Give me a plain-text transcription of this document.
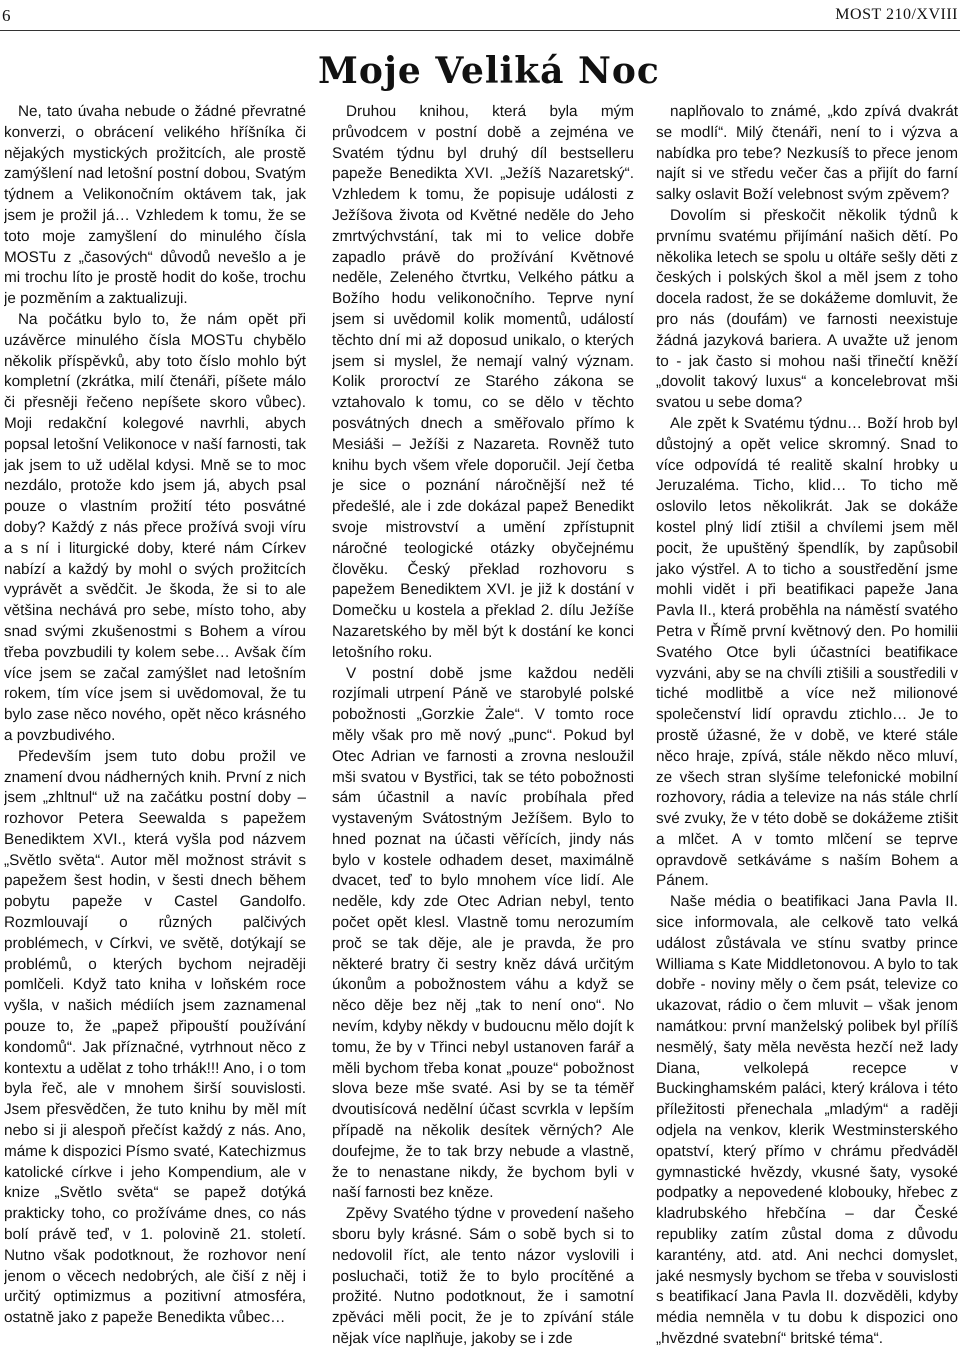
6	MOST 210/XVIII
Moje Veliká Noc

Ne, tato úvaha nebude o žádné převratné konverzi, o obrácení velikého hříšníka či nějakých mystických prožitcích, ale prostě zamýšlení nad letošní postní dobou, Svatým týdnem a Velikonočním oktávem tak, jak jsem je prožil já… Vzhledem k tomu, že se toto moje zamyšlení do minulého čísla MOSTu z „časových“ důvodů nevešlo a je mi trochu líto je prostě hodit do koše, trochu je pozměním a zaktualizuji.

Na počátku bylo to, že nám opět při uzávěrce minulého čísla MOSTu chybělo několik příspěvků, aby toto číslo mohlo být kompletní (zkrátka, milí čtenáři, píšete málo či přesněji řečeno nepíšete skoro vůbec). Moji redakční kolegové navrhli, abych popsal letošní Velikonoce v naší farnosti, tak jak jsem to už udělal kdysi. Mně se to moc nezdálo, protože kdo jsem já, abych psal pouze o vlastním prožití této posvátné doby? Každý z nás přece prožívá svoji víru a s ní i liturgické doby, které nám Církev nabízí a každý by mohl o svých prožitcích vyprávět a svědčit. Je škoda, že si to ale většina nechává pro sebe, místo toho, aby snad svými zkušenostmi s Bohem a vírou třeba povzbudili ty kolem sebe… Avšak čím více jsem se začal zamýšlet nad letošním rokem, tím více jsem si uvědomoval, že tu bylo zase něco nového, opět něco krásného a povzbudivého.

Především jsem tuto dobu prožil ve znamení dvou nádherných knih. První z nich jsem „zhltnul“ už na začátku postní doby – rozhovor Petera Seewalda s papežem Benediktem XVI., která vyšla pod názvem „Světlo světa“. Autor měl možnost strávit s papežem šest hodin, v šesti dnech během pobytu papeže v Castel Gandolfo. Rozmlouvají o různých palčivých problémech, v Církvi, ve světě, dotýkají se problémů, o kterých bychom nejraději pomlčeli. Když tato kniha v loňském roce vyšla, v našich médiích jsem zaznamenal pouze to, že „papež připouští používání kondomů“. Jak příznačné, vytrhnout něco z kontextu a udělat z toho trhák!!! Ano, i o tom byla řeč, ale v mnohem širší souvislosti. Jsem přesvědčen, že tuto knihu by měl mít nebo si ji alespoň přečíst každý z nás. Ano, máme k dispozici Písmo svaté, Katechizmus katolické církve i jeho Kompendium, ale v knize „Světlo světa“ se papež dotýká prakticky toho, co prožíváme dnes, co nás bolí právě teď, v 1. polovině 21. století. Nutno však podotknout, že rozhovor není jenom o věcech nedobrých, ale čiší z něj i určitý optimizmus a pozitivní atmosféra, ostatně jako z papeže Benedikta vůbec…

Druhou knihou, která byla mým průvodcem v postní době a zejména ve Svatém týdnu byl druhý díl bestselleru papeže Benedikta XVI. „Ježíš Nazaretský“. Vzhledem k tomu, že popisuje události z Ježíšova života od Květné neděle do Jeho zmrtvýchvstání, tak mi to velice dobře zapadlo právě do prožívání Květnové neděle, Zeleného čtvrtku, Velkého pátku a Božího hodu velikonočního. Teprve nyní jsem si uvědomil kolik momentů, událostí těchto dní mi až doposud unikalo, o kterých jsem si myslel, že nemají valný význam. Kolik proroctví ze Starého zákona se vztahovalo k tomu, co se dělo v těchto posvátných dnech a směřovalo přímo k Mesiáši – Ježíši z Nazareta. Rovněž tuto knihu bych všem vřele doporučil. Její četba je sice o poznání náročnější než té předešlé, ale i zde dokázal papež Benedikt svoje mistrovství a umění zpřístupnit náročné teologické otázky obyčejnému člověku. Český překlad rozhovoru s papežem Benediktem XVI. je již k dostání v Domečku u kostela a překlad 2. dílu Ježíše Nazaretského by měl být k dostání ke konci letošního roku.

V postní době jsme každou neděli rozjímali utrpení Páně ve starobylé polské pobožnosti „Gorzkie Żale“. V tomto roce měly však pro mě nový „punc“. Pokud byl Otec Adrian ve farnosti a zrovna nesloužil mši svatou v Bystřici, tak se této pobožnosti sám účastnil a navíc probíhala před vystaveným Svátostným Ježíšem. Bylo to hned poznat na účasti věřících, jindy nás bylo v kostele odhadem deset, maximálně dvacet, teď to bylo mnohem více lidí. Ale neděle, kdy zde Otec Adrian nebyl, tento počet opět klesl. Vlastně tomu nerozumím proč se tak děje, ale je pravda, že pro některé bratry či sestry kněz dává určitým úkonům a pobožnostem váhu a když se něco děje bez něj „tak to není ono“. No nevím, kdyby někdy v budoucnu mělo dojít k tomu, že by v Třinci nebyl ustanoven farář a měli bychom třeba konat „pouze“ pobožnost slova beze mše svaté. Asi by se ta téměř dvoutisícová nedělní účast scvrkla v lepším případě na několik desítek věrných? Ale doufejme, že to tak brzy nebude a vlastně, že to nenastane nikdy, že bychom byli v naší farnosti bez kněze.

Zpěvy Svatého týdne v provedení našeho sboru byly krásné. Sám o sobě bych si to nedovolil říct, ale tento názor vyslovili i posluchači, totiž že to bylo procítěné a prožité. Nutno podotknout, že i samotní zpěváci měli pocit, že je to zpívání stále nějak více naplňuje, jakoby se i zde

naplňovalo to známé, „kdo zpívá dvakrát se modlí“. Milý čtenáři, není to i výzva a nabídka pro tebe? Nezkusíš to přece jenom najít si ve středu večer čas a přijít do farní salky oslavit Boží velebnost svým zpěvem?

Dovolím si přeskočit několik týdnů k prvnímu svatému přijímání našich dětí. Po několika letech se spolu u oltáře sešly děti z českých i polských škol a měl jsem z toho docela radost, že se dokážeme domluvit, že pro nás (doufám) ve farnosti neexistuje žádná jazyková bariera. A uvažte už jenom to - jak často si mohou naši třinečtí kněží „dovolit takový luxus“ a koncelebrovat mši svatou u sebe doma?

Ale zpět k Svatému týdnu… Boží hrob byl důstojný a opět velice skromný. Snad to více odpovídá té realitě skalní hrobky u Jeruzaléma. Ticho, klid… To ticho mě oslovilo letos několikrát. Jak se dokáže kostel plný lidí ztišil a chvílemi jsem měl pocit, že upuštěný špendlík, by zapůsobil jako výstřel. A to ticho a soustředění jsme mohli vidět i při beatifikaci papeže Jana Pavla II., která proběhla na náměstí svatého Petra v Římě první květnový den. Po homilii Svatého Otce byli účastníci beatifikace vyzváni, aby se na chvíli ztišili a soustředili v tiché modlitbě a více než milionové společenství lidí opravdu ztichlo… Je to prostě úžasné, že v době, ve které stále něco hraje, zpívá, stále někdo něco mluví, ze všech stran slyšíme telefonické mobilní rozhovory, rádia a televize na nás stále chrlí své zvuky, že v této době se dokážeme ztišit a mlčet. A v tomto mlčení se teprve opravdově setkáváme s naším Bohem a Pánem.

Naše média o beatifikaci Jana Pavla II. sice informovala, ale celkově tato velká událost zůstávala ve stínu svatby prince Williama s Kate Middletonovou. A bylo to tak dobře - noviny měly o čem psát, televize co ukazovat, rádio o čem mluvit – však jenom namátkou: první manželský polibek byl přílíš nesmělý, šaty měla nevěsta hezčí než lady Diana, velkolepá recepce v Buckinghamském paláci, který králova i této příležitosti přenechala „mladým“ a raději odjela na venkov, klerik Westminsterského opatství, který přímo v chrámu předváděl gymnastické hvězdy, vkusné šaty, vysoké podpatky a nepovedené klobouky, hřebec z kladrubského hřebčína – dar České republiky zatím zůstal doma z důvodu karantény, atd. atd. Ani nechci domyslet, jaké nesmysly bychom se třeba v souvislosti s beatifikací Jana Pavla II. dozvěděli, kdyby média nemněla v tu dobu k dispozici ono „hvězdné svatební“ britské téma“.
